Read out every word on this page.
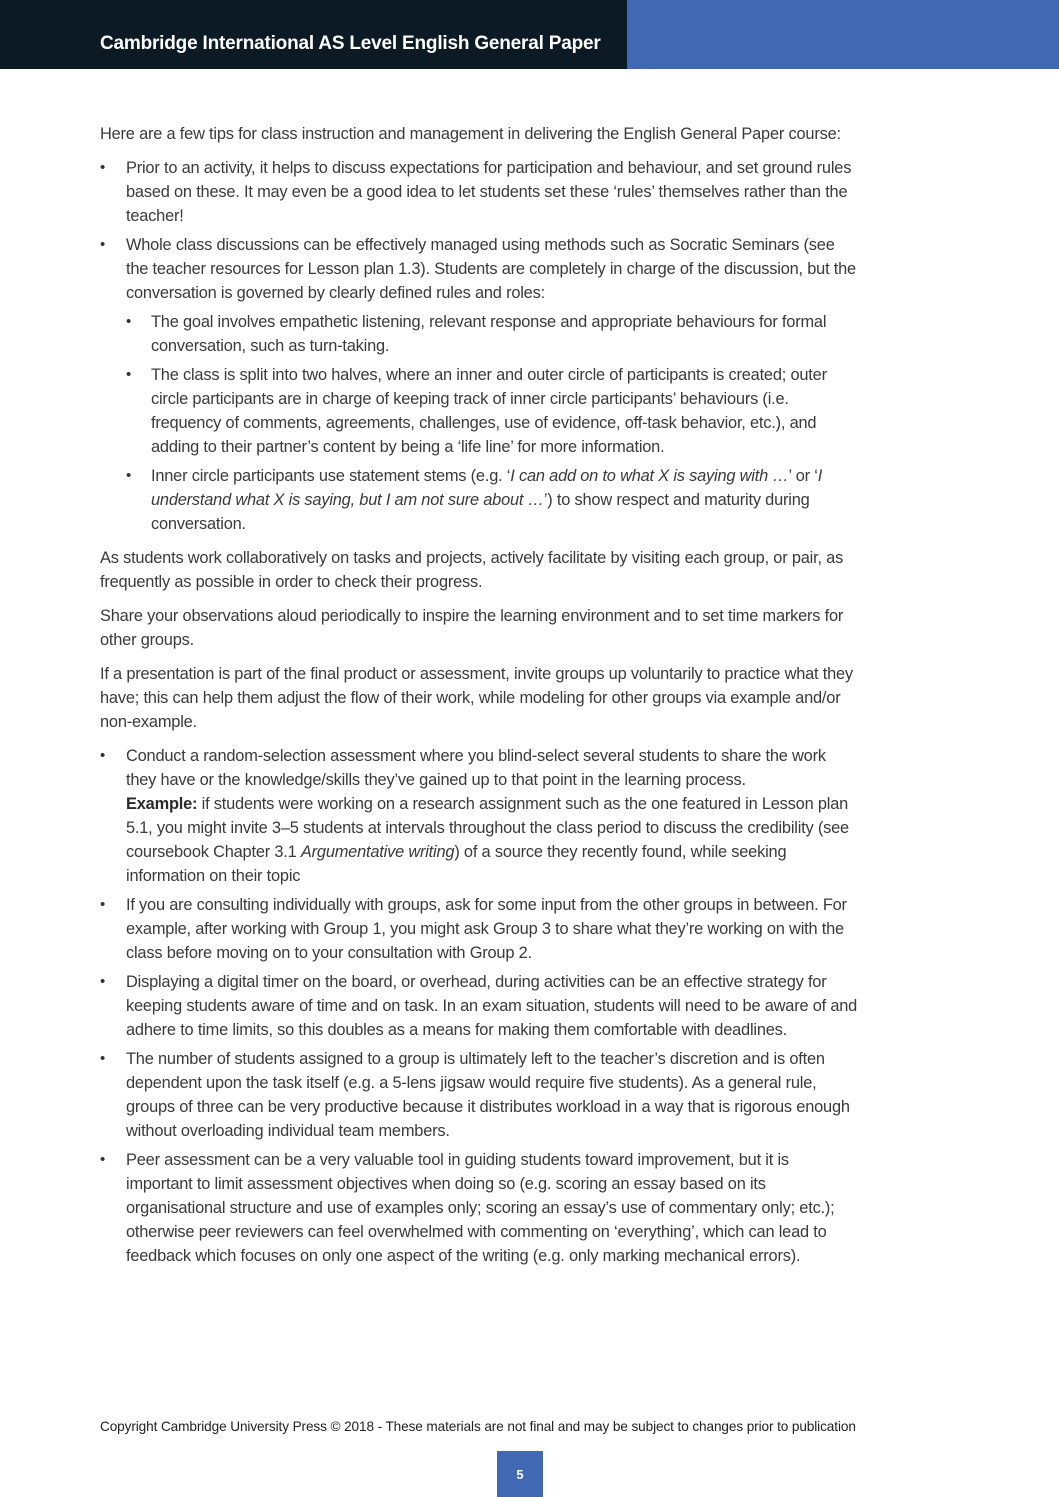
Cambridge International AS Level English General Paper

Here are a few tips for class instruction and management in delivering the English General Paper course:

• Prior to an activity, it helps to discuss expectations for participation and behaviour, and set ground rules based on these. It may even be a good idea to let students set these ‘rules’ themselves rather than the teacher!
• Whole class discussions can be effectively managed using methods such as Socratic Seminars (see the teacher resources for Lesson plan 1.3). Students are completely in charge of the discussion, but the conversation is governed by clearly defined rules and roles:
• The goal involves empathetic listening, relevant response and appropriate behaviours for formal conversation, such as turn-taking.
• The class is split into two halves, where an inner and outer circle of participants is created; outer circle participants are in charge of keeping track of inner circle participants’ behaviours (i.e. frequency of comments, agreements, challenges, use of evidence, off-task behavior, etc.), and adding to their partner’s content by being a ‘life line’ for more information.
• Inner circle participants use statement stems (e.g. ‘I can add on to what X is saying with …’ or ‘I understand what X is saying, but I am not sure about …’) to show respect and maturity during conversation.

As students work collaboratively on tasks and projects, actively facilitate by visiting each group, or pair, as frequently as possible in order to check their progress.

Share your observations aloud periodically to inspire the learning environment and to set time markers for other groups.

If a presentation is part of the final product or assessment, invite groups up voluntarily to practice what they have; this can help them adjust the flow of their work, while modeling for other groups via example and/or non-example.

• Conduct a random-selection assessment where you blind-select several students to share the work they have or the knowledge/skills they’ve gained up to that point in the learning process.
Example: if students were working on a research assignment such as the one featured in Lesson plan 5.1, you might invite 3–5 students at intervals throughout the class period to discuss the credibility (see coursebook Chapter 3.1 Argumentative writing) of a source they recently found, while seeking information on their topic
• If you are consulting individually with groups, ask for some input from the other groups in between. For example, after working with Group 1, you might ask Group 3 to share what they’re working on with the class before moving on to your consultation with Group 2.
• Displaying a digital timer on the board, or overhead, during activities can be an effective strategy for keeping students aware of time and on task. In an exam situation, students will need to be aware of and adhere to time limits, so this doubles as a means for making them comfortable with deadlines.
• The number of students assigned to a group is ultimately left to the teacher’s discretion and is often dependent upon the task itself (e.g. a 5-lens jigsaw would require five students). As a general rule, groups of three can be very productive because it distributes workload in a way that is rigorous enough without overloading individual team members.
• Peer assessment can be a very valuable tool in guiding students toward improvement, but it is important to limit assessment objectives when doing so (e.g. scoring an essay based on its organisational structure and use of examples only; scoring an essay’s use of commentary only; etc.); otherwise peer reviewers can feel overwhelmed with commenting on ‘everything’, which can lead to feedback which focuses on only one aspect of the writing (e.g. only marking mechanical errors).
Copyright Cambridge University Press © 2018 - These materials are not final and may be subject to changes prior to publication
5
